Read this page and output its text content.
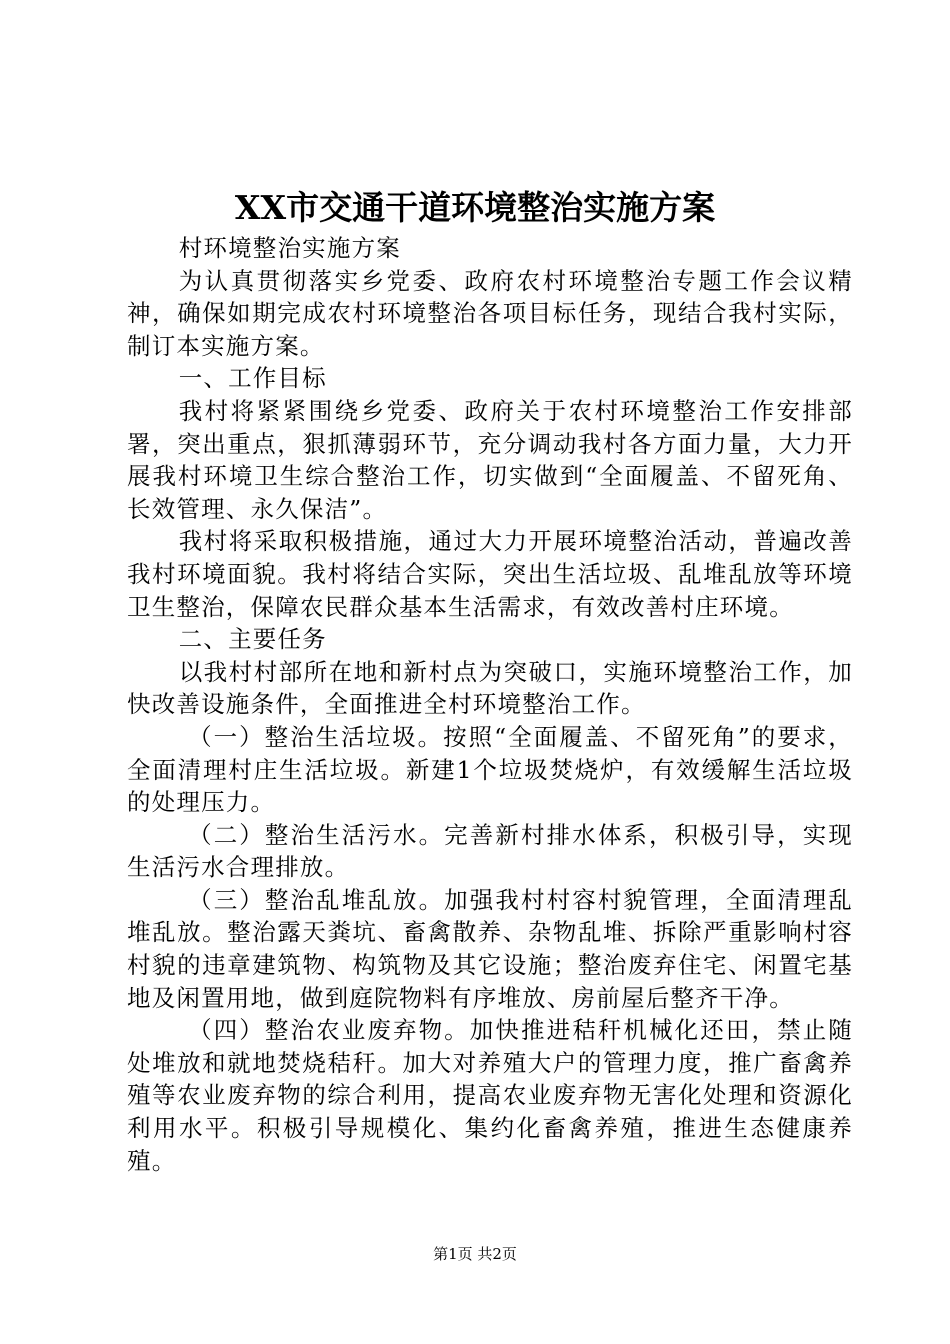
XX市交通干道环境整治实施方案

村环境整治实施方案

为认真贯彻落实乡党委、政府农村环境整治专题工作会议精神，确保如期完成农村环境整治各项目标任务，现结合我村实际，制订本实施方案。

一、工作目标

我村将紧紧围绕乡党委、政府关于农村环境整治工作安排部署，突出重点，狠抓薄弱环节，充分调动我村各方面力量，大力开展我村环境卫生综合整治工作，切实做到“全面履盖、不留死角、长效管理、永久保洁”。

我村将采取积极措施，通过大力开展环境整治活动，普遍改善我村环境面貌。我村将结合实际，突出生活垃圾、乱堆乱放等环境卫生整治，保障农民群众基本生活需求，有效改善村庄环境。

二、主要任务

以我村村部所在地和新村点为突破口，实施环境整治工作，加快改善设施条件，全面推进全村环境整治工作。

（一）整治生活垃圾。按照“全面履盖、不留死角”的要求，全面清理村庄生活垃圾。新建1个垃圾焚烧炉，有效缓解生活垃圾的处理压力。

（二）整治生活污水。完善新村排水体系，积极引导，实现生活污水合理排放。

（三）整治乱堆乱放。加强我村村容村貌管理，全面清理乱堆乱放。整治露天粪坑、畜禽散养、杂物乱堆、拆除严重影响村容村貌的违章建筑物、构筑物及其它设施；整治废弃住宅、闲置宅基地及闲置用地，做到庭院物料有序堆放、房前屋后整齐干净。

（四）整治农业废弃物。加快推进秸秆机械化还田，禁止随处堆放和就地焚烧秸秆。加大对养殖大户的管理力度，推广畜禽养殖等农业废弃物的综合利用，提高农业废弃物无害化处理和资源化利用水平。积极引导规模化、集约化畜禽养殖，推进生态健康养殖。

第1页 共2页
